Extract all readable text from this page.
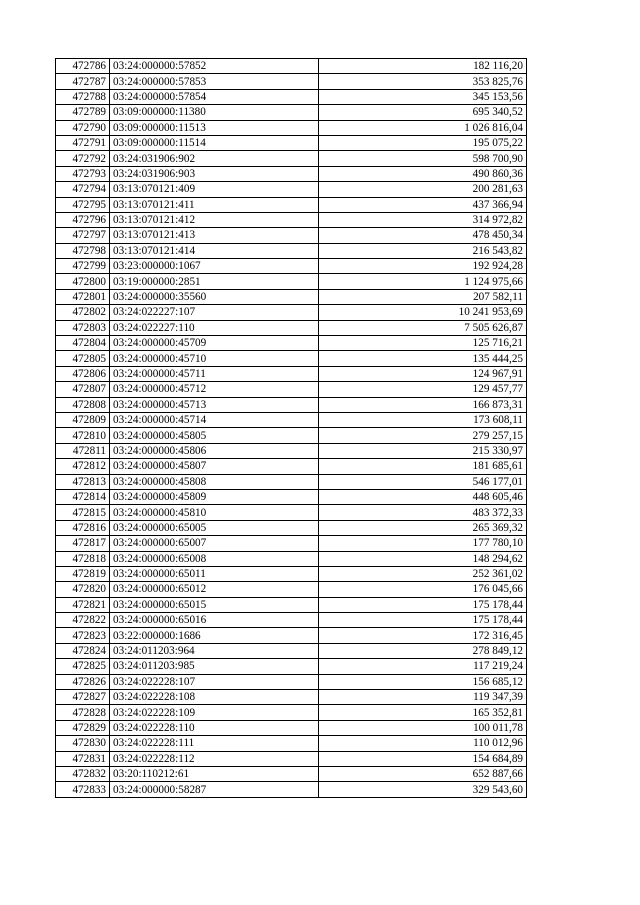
472786	03:24:000000:57852	182 116,20
472787	03:24:000000:57853	353 825,76
472788	03:24:000000:57854	345 153,56
472789	03:09:000000:11380	695 340,52
472790	03:09:000000:11513	1 026 816,04
472791	03:09:000000:11514	195 075,22
472792	03:24:031906:902	598 700,90
472793	03:24:031906:903	490 860,36
472794	03:13:070121:409	200 281,63
472795	03:13:070121:411	437 366,94
472796	03:13:070121:412	314 972,82
472797	03:13:070121:413	478 450,34
472798	03:13:070121:414	216 543,82
472799	03:23:000000:1067	192 924,28
472800	03:19:000000:2851	1 124 975,66
472801	03:24:000000:35560	207 582,11
472802	03:24:022227:107	10 241 953,69
472803	03:24:022227:110	7 505 626,87
472804	03:24:000000:45709	125 716,21
472805	03:24:000000:45710	135 444,25
472806	03:24:000000:45711	124 967,91
472807	03:24:000000:45712	129 457,77
472808	03:24:000000:45713	166 873,31
472809	03:24:000000:45714	173 608,11
472810	03:24:000000:45805	279 257,15
472811	03:24:000000:45806	215 330,97
472812	03:24:000000:45807	181 685,61
472813	03:24:000000:45808	546 177,01
472814	03:24:000000:45809	448 605,46
472815	03:24:000000:45810	483 372,33
472816	03:24:000000:65005	265 369,32
472817	03:24:000000:65007	177 780,10
472818	03:24:000000:65008	148 294,62
472819	03:24:000000:65011	252 361,02
472820	03:24:000000:65012	176 045,66
472821	03:24:000000:65015	175 178,44
472822	03:24:000000:65016	175 178,44
472823	03:22:000000:1686	172 316,45
472824	03:24:011203:964	278 849,12
472825	03:24:011203:985	117 219,24
472826	03:24:022228:107	156 685,12
472827	03:24:022228:108	119 347,39
472828	03:24:022228:109	165 352,81
472829	03:24:022228:110	100 011,78
472830	03:24:022228:111	110 012,96
472831	03:24:022228:112	154 684,89
472832	03:20:110212:61	652 887,66
472833	03:24:000000:58287	329 543,60
